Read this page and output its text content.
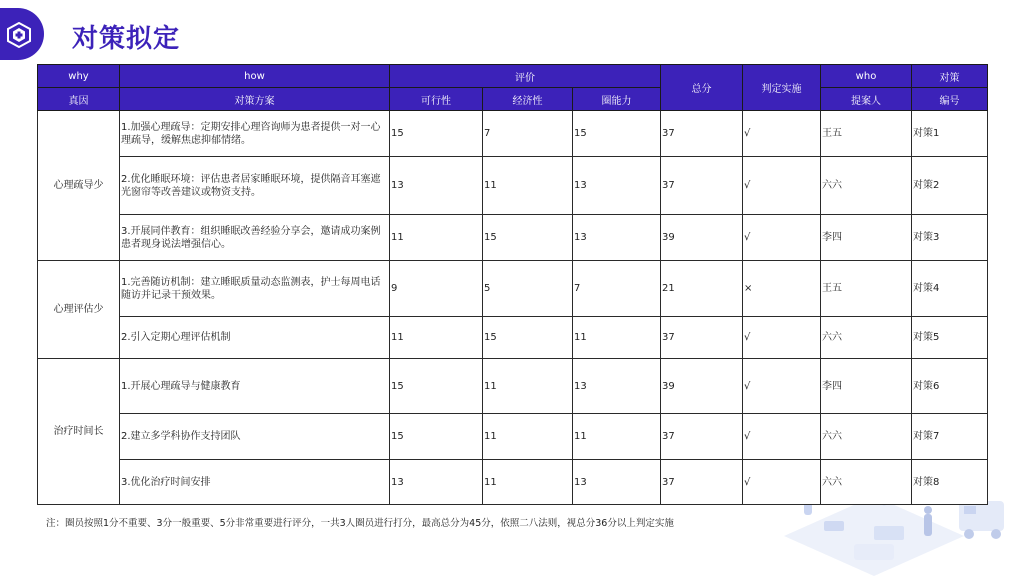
对策拟定
why	how	评价			总分	判定实施	who	对策
真因	对策方案	可行性	经济性	圈能力			提案人	编号
心理疏导少	1.加强心理疏导：定期安排心理咨询师为患者提供一对一心理疏导，缓解焦虑抑郁情绪。	15	7	15	37	√	王五	对策1
	2.优化睡眠环境：评估患者居家睡眠环境，提供隔音耳塞遮光窗帘等改善建议或物资支持。	13	11	13	37	√	六六	对策2
	3.开展同伴教育：组织睡眠改善经验分享会，邀请成功案例患者现身说法增强信心。	11	15	13	39	√	李四	对策3
心理评估少	1.完善随访机制：建立睡眠质量动态监测表，护士每周电话随访并记录干预效果。	9	5	7	21	×	王五	对策4
	2.引入定期心理评估机制	11	15	11	37	√	六六	对策5
治疗时间长	1.开展心理疏导与健康教育	15	11	13	39	√	李四	对策6
	2.建立多学科协作支持团队	15	11	11	37	√	六六	对策7
	3.优化治疗时间安排	13	11	13	37	√	六六	对策8
注：圈员按照1分不重要、3分一般重要、5分非常重要进行评分，一共3人圈员进行打分，最高总分为45分，依照二八法则，视总分36分以上判定实施
